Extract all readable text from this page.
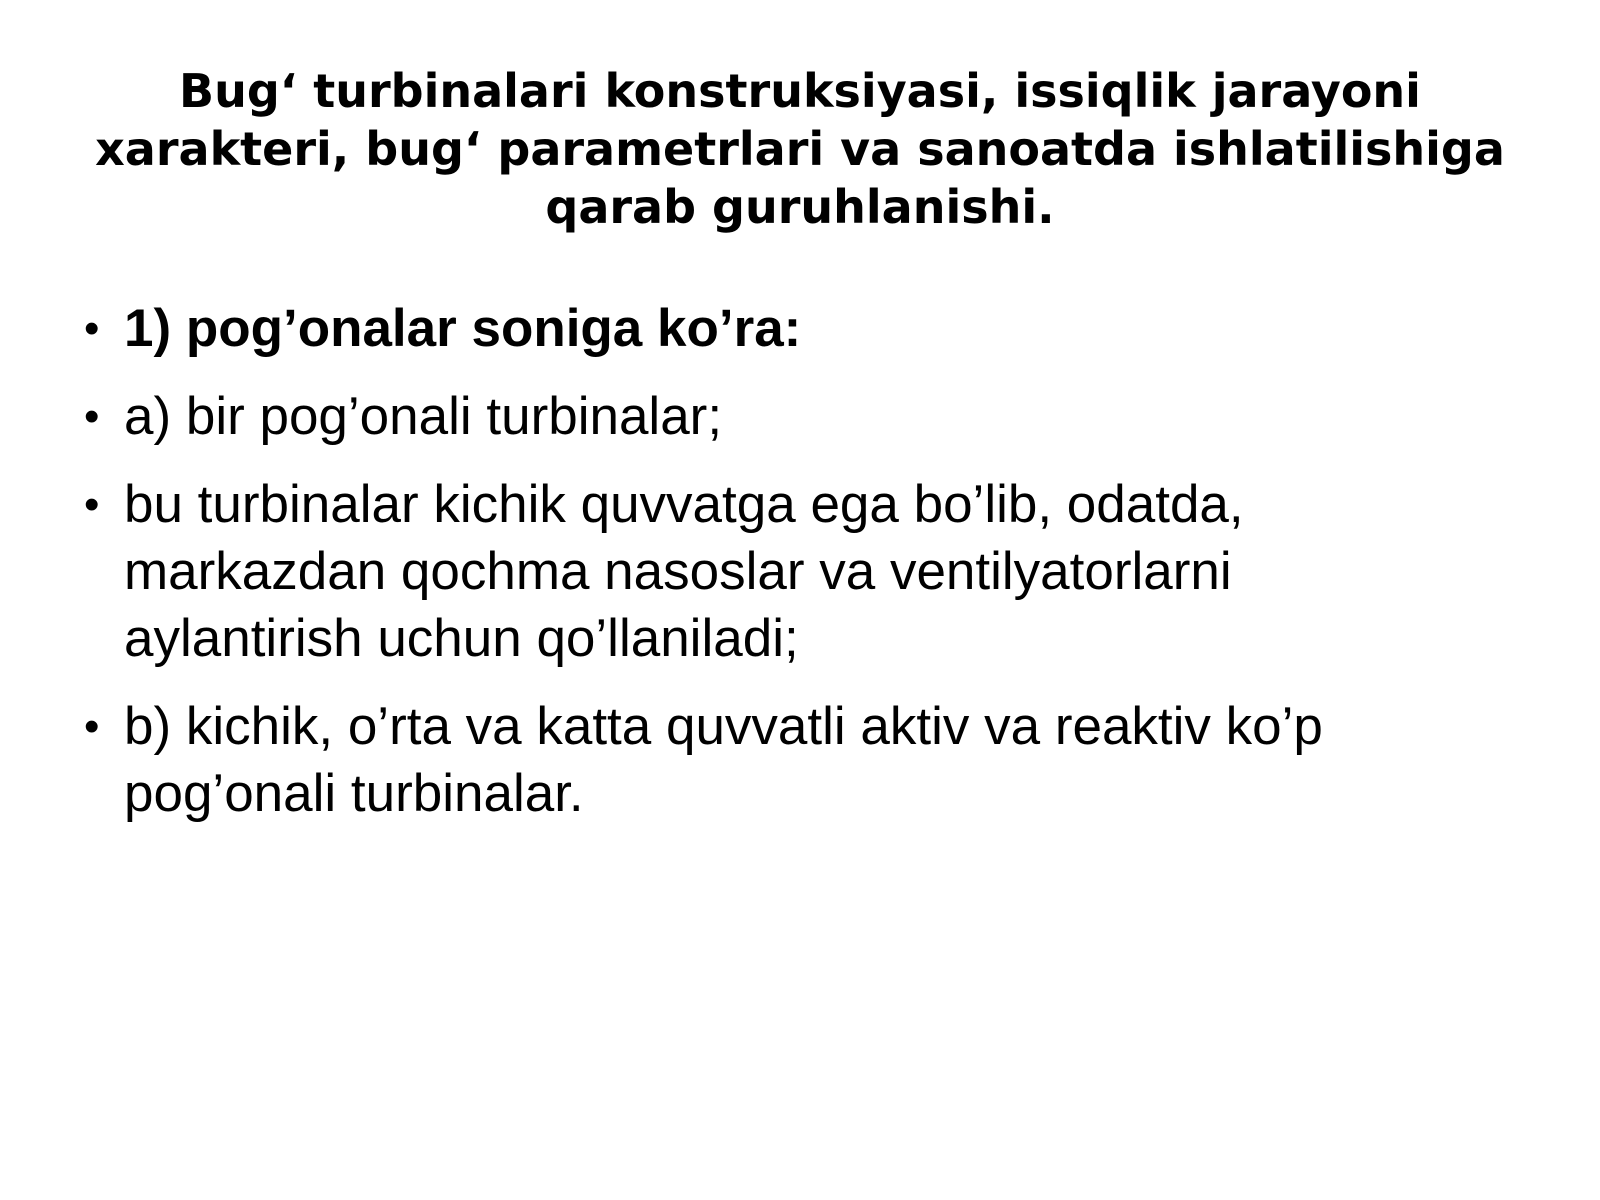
Bug‘ turbinalari konstruksiyasi, issiqlik jarayoni
xarakteri, bug‘ parametrlari va sanoatda ishlatilishiga
qarab guruhlanishi.
• 1) pog’onalar soniga ko’ra:
• a) bir pog’onali turbinalar;
• bu turbinalar kichik quvvatga ega bo’lib, odatda,
markazdan qochma nasoslar va ventilyatorlarni
aylantirish uchun qo’llaniladi;
• b) kichik, o’rta va katta quvvatli aktiv va reaktiv ko’p
pog’onali turbinalar.
